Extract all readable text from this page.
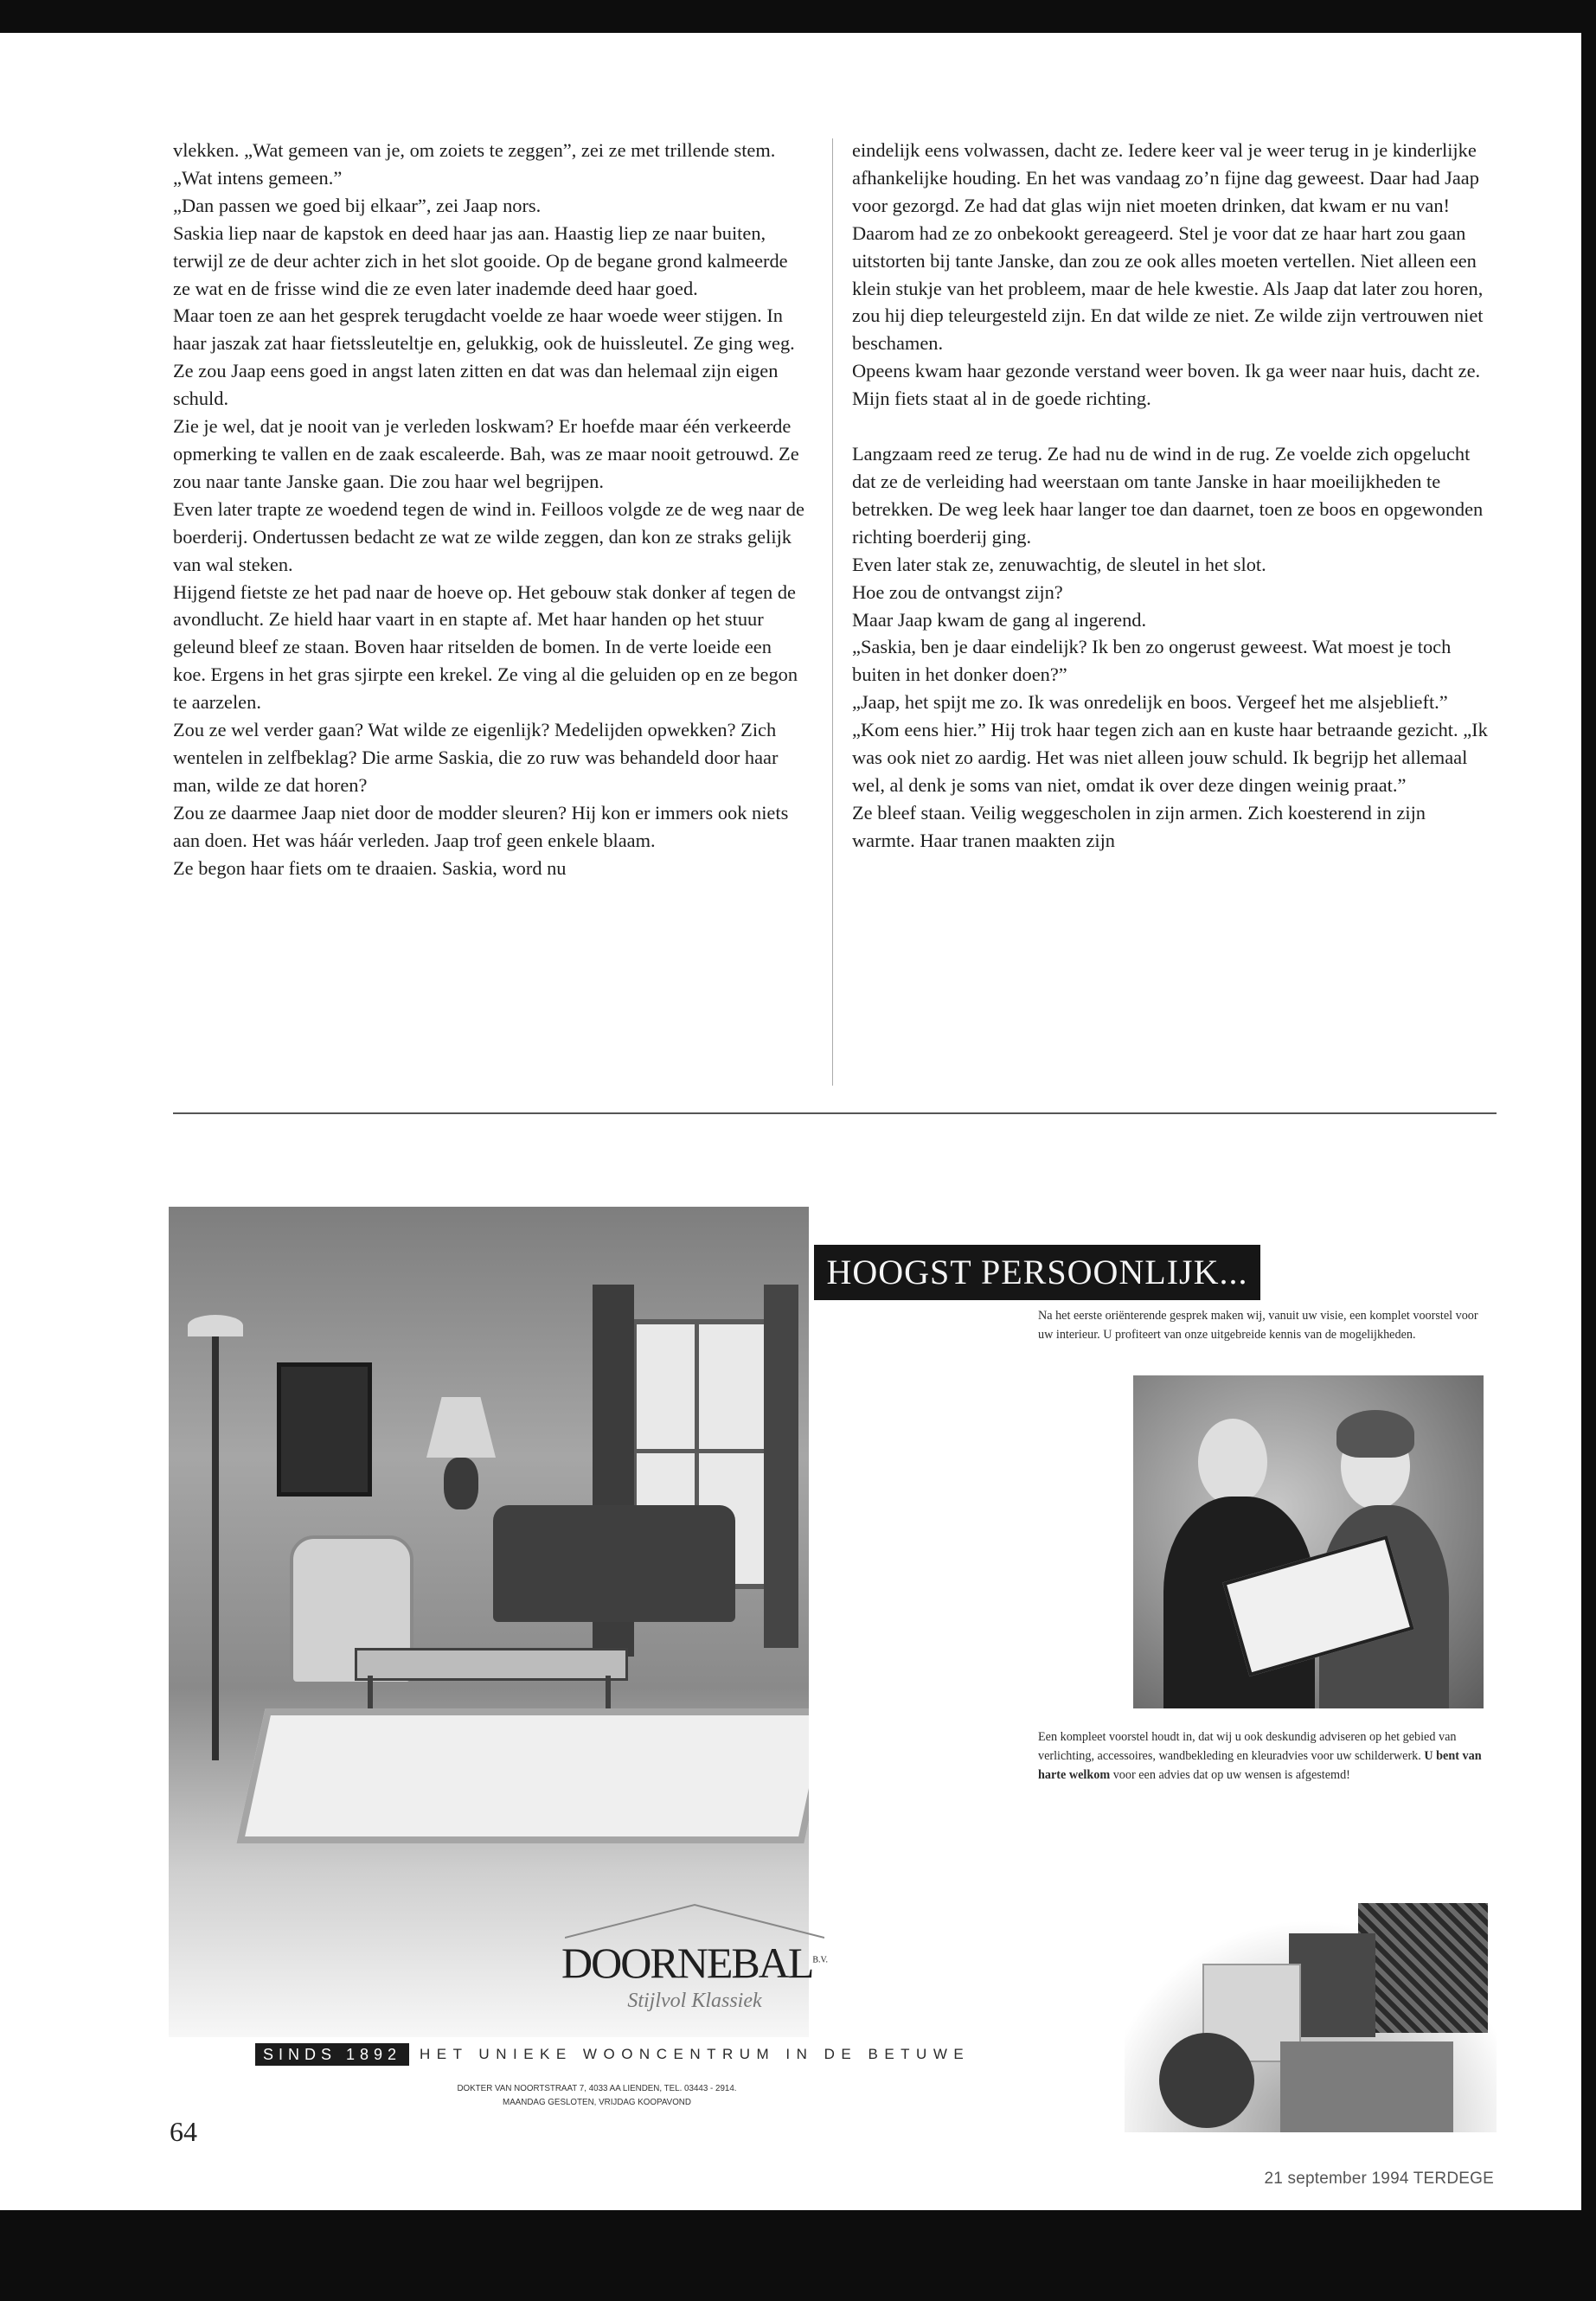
vlekken. „Wat gemeen van je, om zoiets te zeggen”, zei ze met trillende stem. „Wat intens gemeen.”

„Dan passen we goed bij elkaar”, zei Jaap nors.

Saskia liep naar de kapstok en deed haar jas aan. Haastig liep ze naar buiten, terwijl ze de deur achter zich in het slot gooide. Op de begane grond kalmeerde ze wat en de frisse wind die ze even later inademde deed haar goed.

Maar toen ze aan het gesprek terugdacht voelde ze haar woede weer stijgen. In haar jaszak zat haar fietssleuteltje en, gelukkig, ook de huissleutel. Ze ging weg. Ze zou Jaap eens goed in angst laten zitten en dat was dan helemaal zijn eigen schuld.

Zie je wel, dat je nooit van je verleden loskwam? Er hoefde maar één verkeerde opmerking te vallen en de zaak escaleerde. Bah, was ze maar nooit getrouwd. Ze zou naar tante Janske gaan. Die zou haar wel begrijpen.

Even later trapte ze woedend tegen de wind in. Feilloos volgde ze de weg naar de boerderij. Ondertussen bedacht ze wat ze wilde zeggen, dan kon ze straks gelijk van wal steken.

Hijgend fietste ze het pad naar de hoeve op. Het gebouw stak donker af tegen de avondlucht. Ze hield haar vaart in en stapte af. Met haar handen op het stuur geleund bleef ze staan. Boven haar ritselden de bomen. In de verte loeide een koe. Ergens in het gras sjirpte een krekel. Ze ving al die geluiden op en ze begon te aarzelen.

Zou ze wel verder gaan? Wat wilde ze eigenlijk? Medelijden opwekken? Zich wentelen in zelfbeklag? Die arme Saskia, die zo ruw was behandeld door haar man, wilde ze dat horen?

Zou ze daarmee Jaap niet door de modder sleuren? Hij kon er immers ook niets aan doen. Het was háár verleden. Jaap trof geen enkele blaam.

Ze begon haar fiets om te draaien. Saskia, word nu

eindelijk eens volwassen, dacht ze. Iedere keer val je weer terug in je kinderlijke afhankelijke houding. En het was vandaag zo’n fijne dag geweest. Daar had Jaap voor gezorgd. Ze had dat glas wijn niet moeten drinken, dat kwam er nu van! Daarom had ze zo onbekookt gereageerd. Stel je voor dat ze haar hart zou gaan uitstorten bij tante Janske, dan zou ze ook alles moeten vertellen. Niet alleen een klein stukje van het probleem, maar de hele kwestie. Als Jaap dat later zou horen, zou hij diep teleurgesteld zijn. En dat wilde ze niet. Ze wilde zijn vertrouwen niet beschamen.

Opeens kwam haar gezonde verstand weer boven. Ik ga weer naar huis, dacht ze. Mijn fiets staat al in de goede richting.

Langzaam reed ze terug. Ze had nu de wind in de rug. Ze voelde zich opgelucht dat ze de verleiding had weerstaan om tante Janske in haar moeilijkheden te betrekken. De weg leek haar langer toe dan daarnet, toen ze boos en opgewonden richting boerderij ging.

Even later stak ze, zenuwachtig, de sleutel in het slot.

Hoe zou de ontvangst zijn?

Maar Jaap kwam de gang al ingerend.

„Saskia, ben je daar eindelijk? Ik ben zo ongerust geweest. Wat moest je toch buiten in het donker doen?”

„Jaap, het spijt me zo. Ik was onredelijk en boos. Vergeef het me alsjeblieft.”

„Kom eens hier.” Hij trok haar tegen zich aan en kuste haar betraande gezicht. „Ik was ook niet zo aardig. Het was niet alleen jouw schuld. Ik begrijp het allemaal wel, al denk je soms van niet, omdat ik over deze dingen weinig praat.”

Ze bleef staan. Veilig weggescholen in zijn armen. Zich koesterend in zijn warmte. Haar tranen maakten zijn

HOOGST PERSOONLIJK...

Na het eerste oriënterende gesprek maken wij, vanuit uw visie, een komplet voorstel voor uw interieur. U profiteert van onze uitgebreide kennis van de mogelijkheden.

Een kompleet voorstel houdt in, dat wij u ook deskundig adviseren op het gebied van verlichting, accessoires, wandbekleding en kleuradvies voor uw schilderwerk. U bent van harte welkom voor een advies dat op uw wensen is afgestemd!

$DOORNEBAL^{B.V.}$
Stijlvol Klassiek
SINDS 1892	HET UNIEKE WOONCENTRUM IN DE BETUWE

DOKTER VAN NOORTSTRAAT 7, 4033 AA LIENDEN, TEL. 03443 - 2914.
MAANDAG GESLOTEN, VRIJDAG KOOPAVOND

64
21 september 1994 TERDEGE
